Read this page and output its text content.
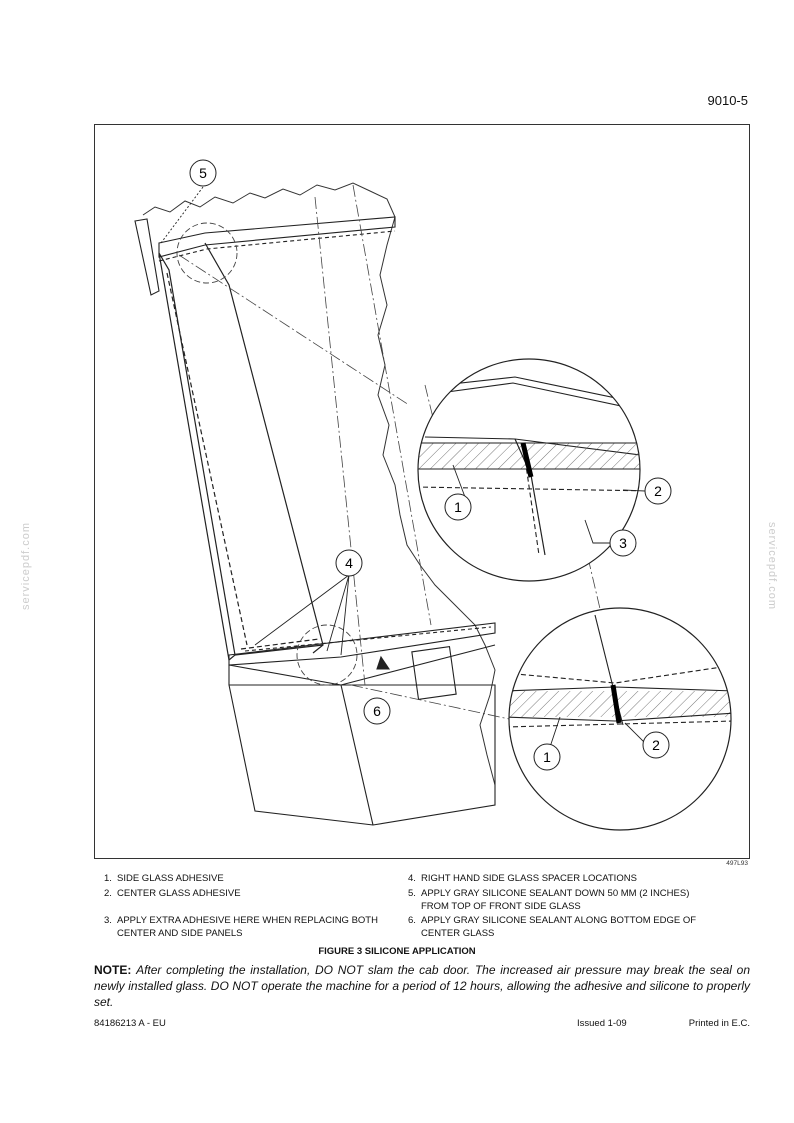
9010-5
servicepdf.com	servicepdf.com
5
4
6
1
2
3
1
2
497L93
1. SIDE GLASS ADHESIVE
2. CENTER GLASS ADHESIVE
3. APPLY EXTRA ADHESIVE HERE WHEN REPLACING BOTH CENTER AND SIDE PANELS
4. RIGHT HAND SIDE GLASS SPACER LOCATIONS
5. APPLY GRAY SILICONE SEALANT DOWN 50 MM (2 INCHES) FROM TOP OF FRONT SIDE GLASS
6. APPLY GRAY SILICONE SEALANT ALONG BOTTOM EDGE OF CENTER GLASS
FIGURE 3 SILICONE APPLICATION
NOTE: After completing the installation, DO NOT slam the cab door. The increased air pressure may break the seal on newly installed glass. DO NOT operate the machine for a period of 12 hours, allowing the adhesive and silicone to properly set.
84186213 A - EU	Issued 1-09	Printed in E.C.
